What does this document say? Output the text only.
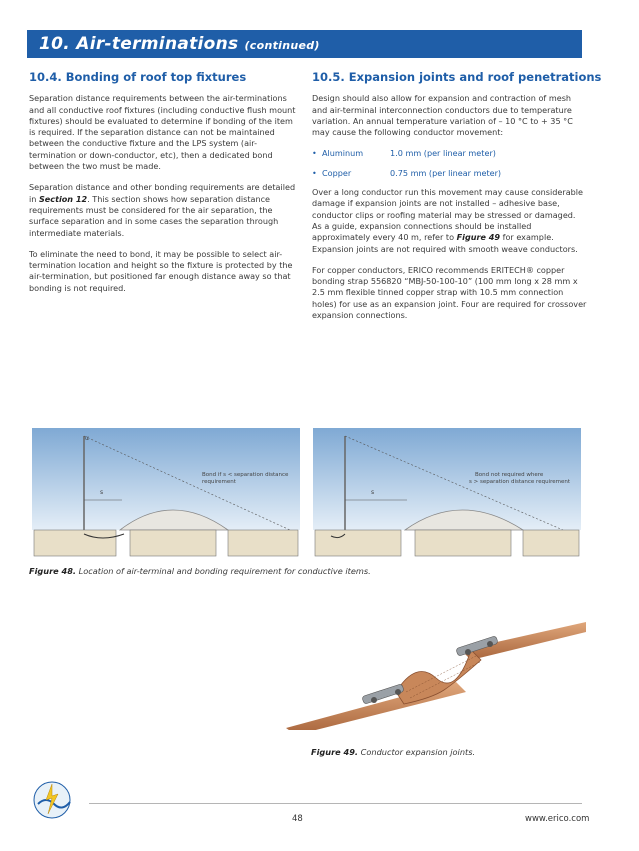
10. Air-terminations (continued)
10.4. Bonding of roof top fixtures

Separation distance requirements between the air-terminations and all conductive roof fixtures (including conductive flush mount fixtures) should be evaluated to determine if bonding of the item is required. If the separation distance can not be maintained between the conductive fixture and the LPS system (air-termination or down-conductor, etc), then a dedicated bond between the two must be made.

Separation distance and other bonding requirements are detailed in Section 12. This section shows how separation distance requirements must be considered for the air separation, the surface separation and in some cases the separation through intermediate materials.

To eliminate the need to bond, it may be possible to select air-termination location and height so the fixture is protected by the air-termination, but positioned far enough distance away so that bonding is not required.

10.5. Expansion joints and roof penetrations

Design should also allow for expansion and contraction of mesh and air-terminal interconnection conductors due to temperature variation. An annual temperature variation of – 10 °C to + 35 °C may cause the following conductor movement:

• Aluminum	1.0 mm (per linear meter)
• Copper	0.75 mm (per linear meter)

Over a long conductor run this movement may cause considerable damage if expansion joints are not installed – adhesive base, conductor clips or roofing material may be stressed or damaged. As a guide, expansion connections should be installed approximately every 40 m, refer to Figure 49 for example. Expansion joints are not required with smooth weave conductors.

For copper conductors, ERICO recommends ERITECH® copper bonding strap 556820 “MBJ-50-100-10” (100 mm long x 28 mm x 2.5 mm flexible tinned copper strap with 10.5 mm connection holes) for use as an expansion joint. Four are required for crossover expansion connections.

α
s
Bond if s < separation distance
requirement
s
Bond not required where
s > separation distance requirement
Figure 48. Location of air-terminal and bonding requirement for conductive items.
Figure 49. Conductor expansion joints.
48	www.erico.com
